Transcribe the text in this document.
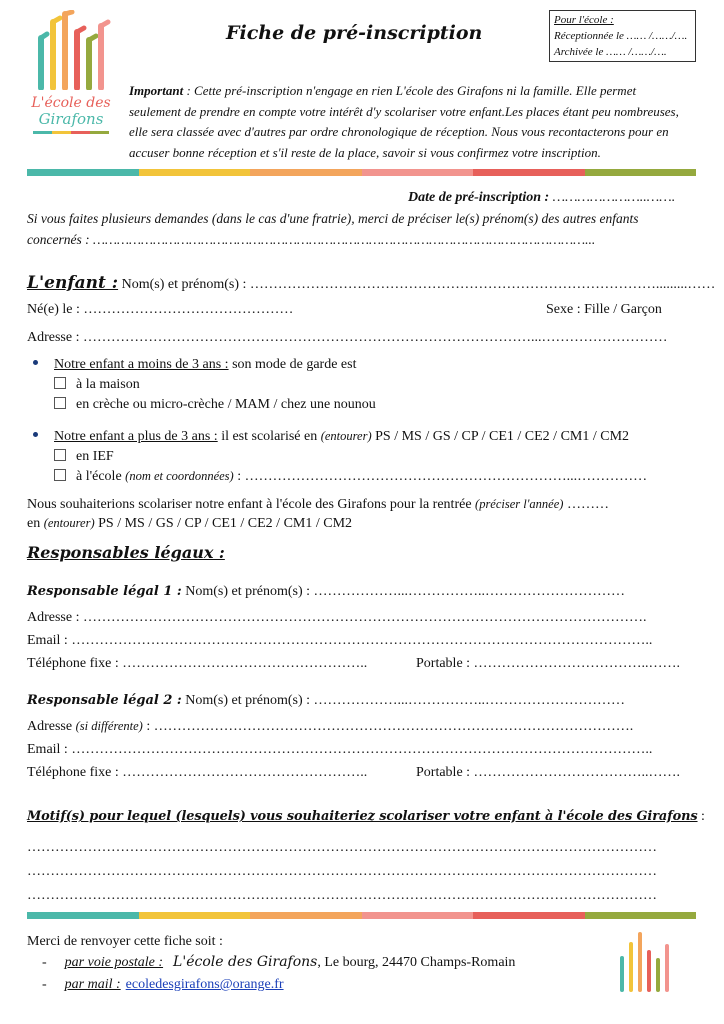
L'école des
Girafons
Fiche de pré-inscription
Pour l'école :
Réceptionnée le …… /……/….
Archivée le …… /……/….
Important : Cette pré-inscription n'engage en rien L'école des Girafons ni la famille. Elle permet
seulement de prendre en compte votre intérêt d'y scolariser votre enfant.Les places étant peu nombreuses,
elle sera classée avec d'autres par ordre chronologique de réception. Nous vous recontacterons pour en
accuser bonne réception et s'il reste de la place, savoir si vous confirmez votre inscription.
Date de pré-inscription : …………………..…….
Si vous faites plusieurs demandes (dans le cas d'une fratrie), merci de préciser le(s) prénom(s) des autres enfants
concernés : ……………………………………………………………………………………………………………...
L'enfant : Nom(s) et prénom(s) : …………………………………………………………………………….........……
Né(e) le : ………………………………………	Sexe : Fille / Garçon
Adresse : ……………………………………………………………………………………...………………………
Notre enfant a moins de 3 ans : son mode de garde est
à la maison
en crèche ou micro-crèche / MAM / chez une nounou
Notre enfant a plus de 3 ans : il est scolarisé en (entourer) PS / MS / GS / CP / CE1 / CE2 / CM1 / CM2
en IEF
à l'école (nom et coordonnées) : ……………………………………………………………...……………
Nous souhaiterions scolariser notre enfant à l'école des Girafons pour la rentrée (préciser l'année) ………
en (entourer) PS / MS / GS / CP / CE1 / CE2 / CM1 / CM2
Responsables légaux :
Responsable légal 1 : Nom(s) et prénom(s) : ………………...……………..…………………………
Adresse : ………………………………………………………………………………………………………….
Email : ……………………………………………………………………………………………………………..
Téléphone fixe : ……………………………………………..	Portable : ………………………………..…….
Responsable légal 2 : Nom(s) et prénom(s) : ………………...……………..…………………………
Adresse (si différente) : ………………………………………………………………………………………….
Email : ……………………………………………………………………………………………………………..
Téléphone fixe : ……………………………………………..	Portable : ………………………………..…….
Motif(s) pour lequel (lesquels) vous souhaiteriez scolariser votre enfant à l'école des Girafons :
………………………………………………………………………………………………………………………
………………………………………………………………………………………………………………………
………………………………………………………………………………………………………………………
Merci de renvoyer cette fiche soit :
- par voie postale : L'école des Girafons, Le bourg, 24470 Champs-Romain
- par mail : ecoledesgirafons@orange.fr
